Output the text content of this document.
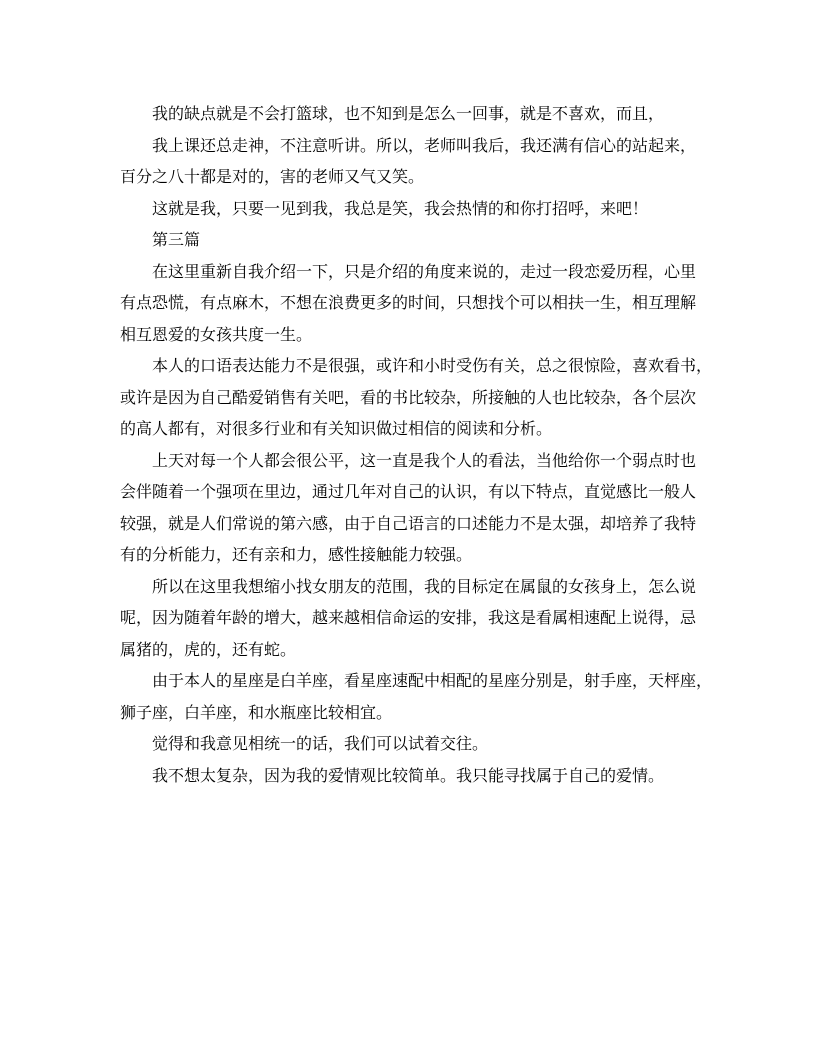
我的缺点就是不会打篮球，也不知到是怎么一回事，就是不喜欢，而且，
我上课还总走神，不注意听讲。所以，老师叫我后，我还满有信心的站起来，
百分之八十都是对的，害的老师又气又笑。
这就是我，只要一见到我，我总是笑，我会热情的和你打招呼，来吧！
第三篇
在这里重新自我介绍一下，只是介绍的角度来说的，走过一段恋爱历程，心里
有点恐慌，有点麻木，不想在浪费更多的时间，只想找个可以相扶一生，相互理解
相互恩爱的女孩共度一生。
本人的口语表达能力不是很强，或许和小时受伤有关，总之很惊险，喜欢看书，
或许是因为自己酷爱销售有关吧，看的书比较杂，所接触的人也比较杂，各个层次
的高人都有，对很多行业和有关知识做过相信的阅读和分析。
上天对每一个人都会很公平，这一直是我个人的看法，当他给你一个弱点时也
会伴随着一个强项在里边，通过几年对自己的认识，有以下特点，直觉感比一般人
较强，就是人们常说的第六感，由于自己语言的口述能力不是太强，却培养了我特
有的分析能力，还有亲和力，感性接触能力较强。
所以在这里我想缩小找女朋友的范围，我的目标定在属鼠的女孩身上，怎么说
呢，因为随着年龄的增大，越来越相信命运的安排，我这是看属相速配上说得，忌
属猪的，虎的，还有蛇。
由于本人的星座是白羊座，看星座速配中相配的星座分别是，射手座，天枰座，
狮子座，白羊座，和水瓶座比较相宜。
觉得和我意见相统一的话，我们可以试着交往。
我不想太复杂，因为我的爱情观比较简单。我只能寻找属于自己的爱情。
